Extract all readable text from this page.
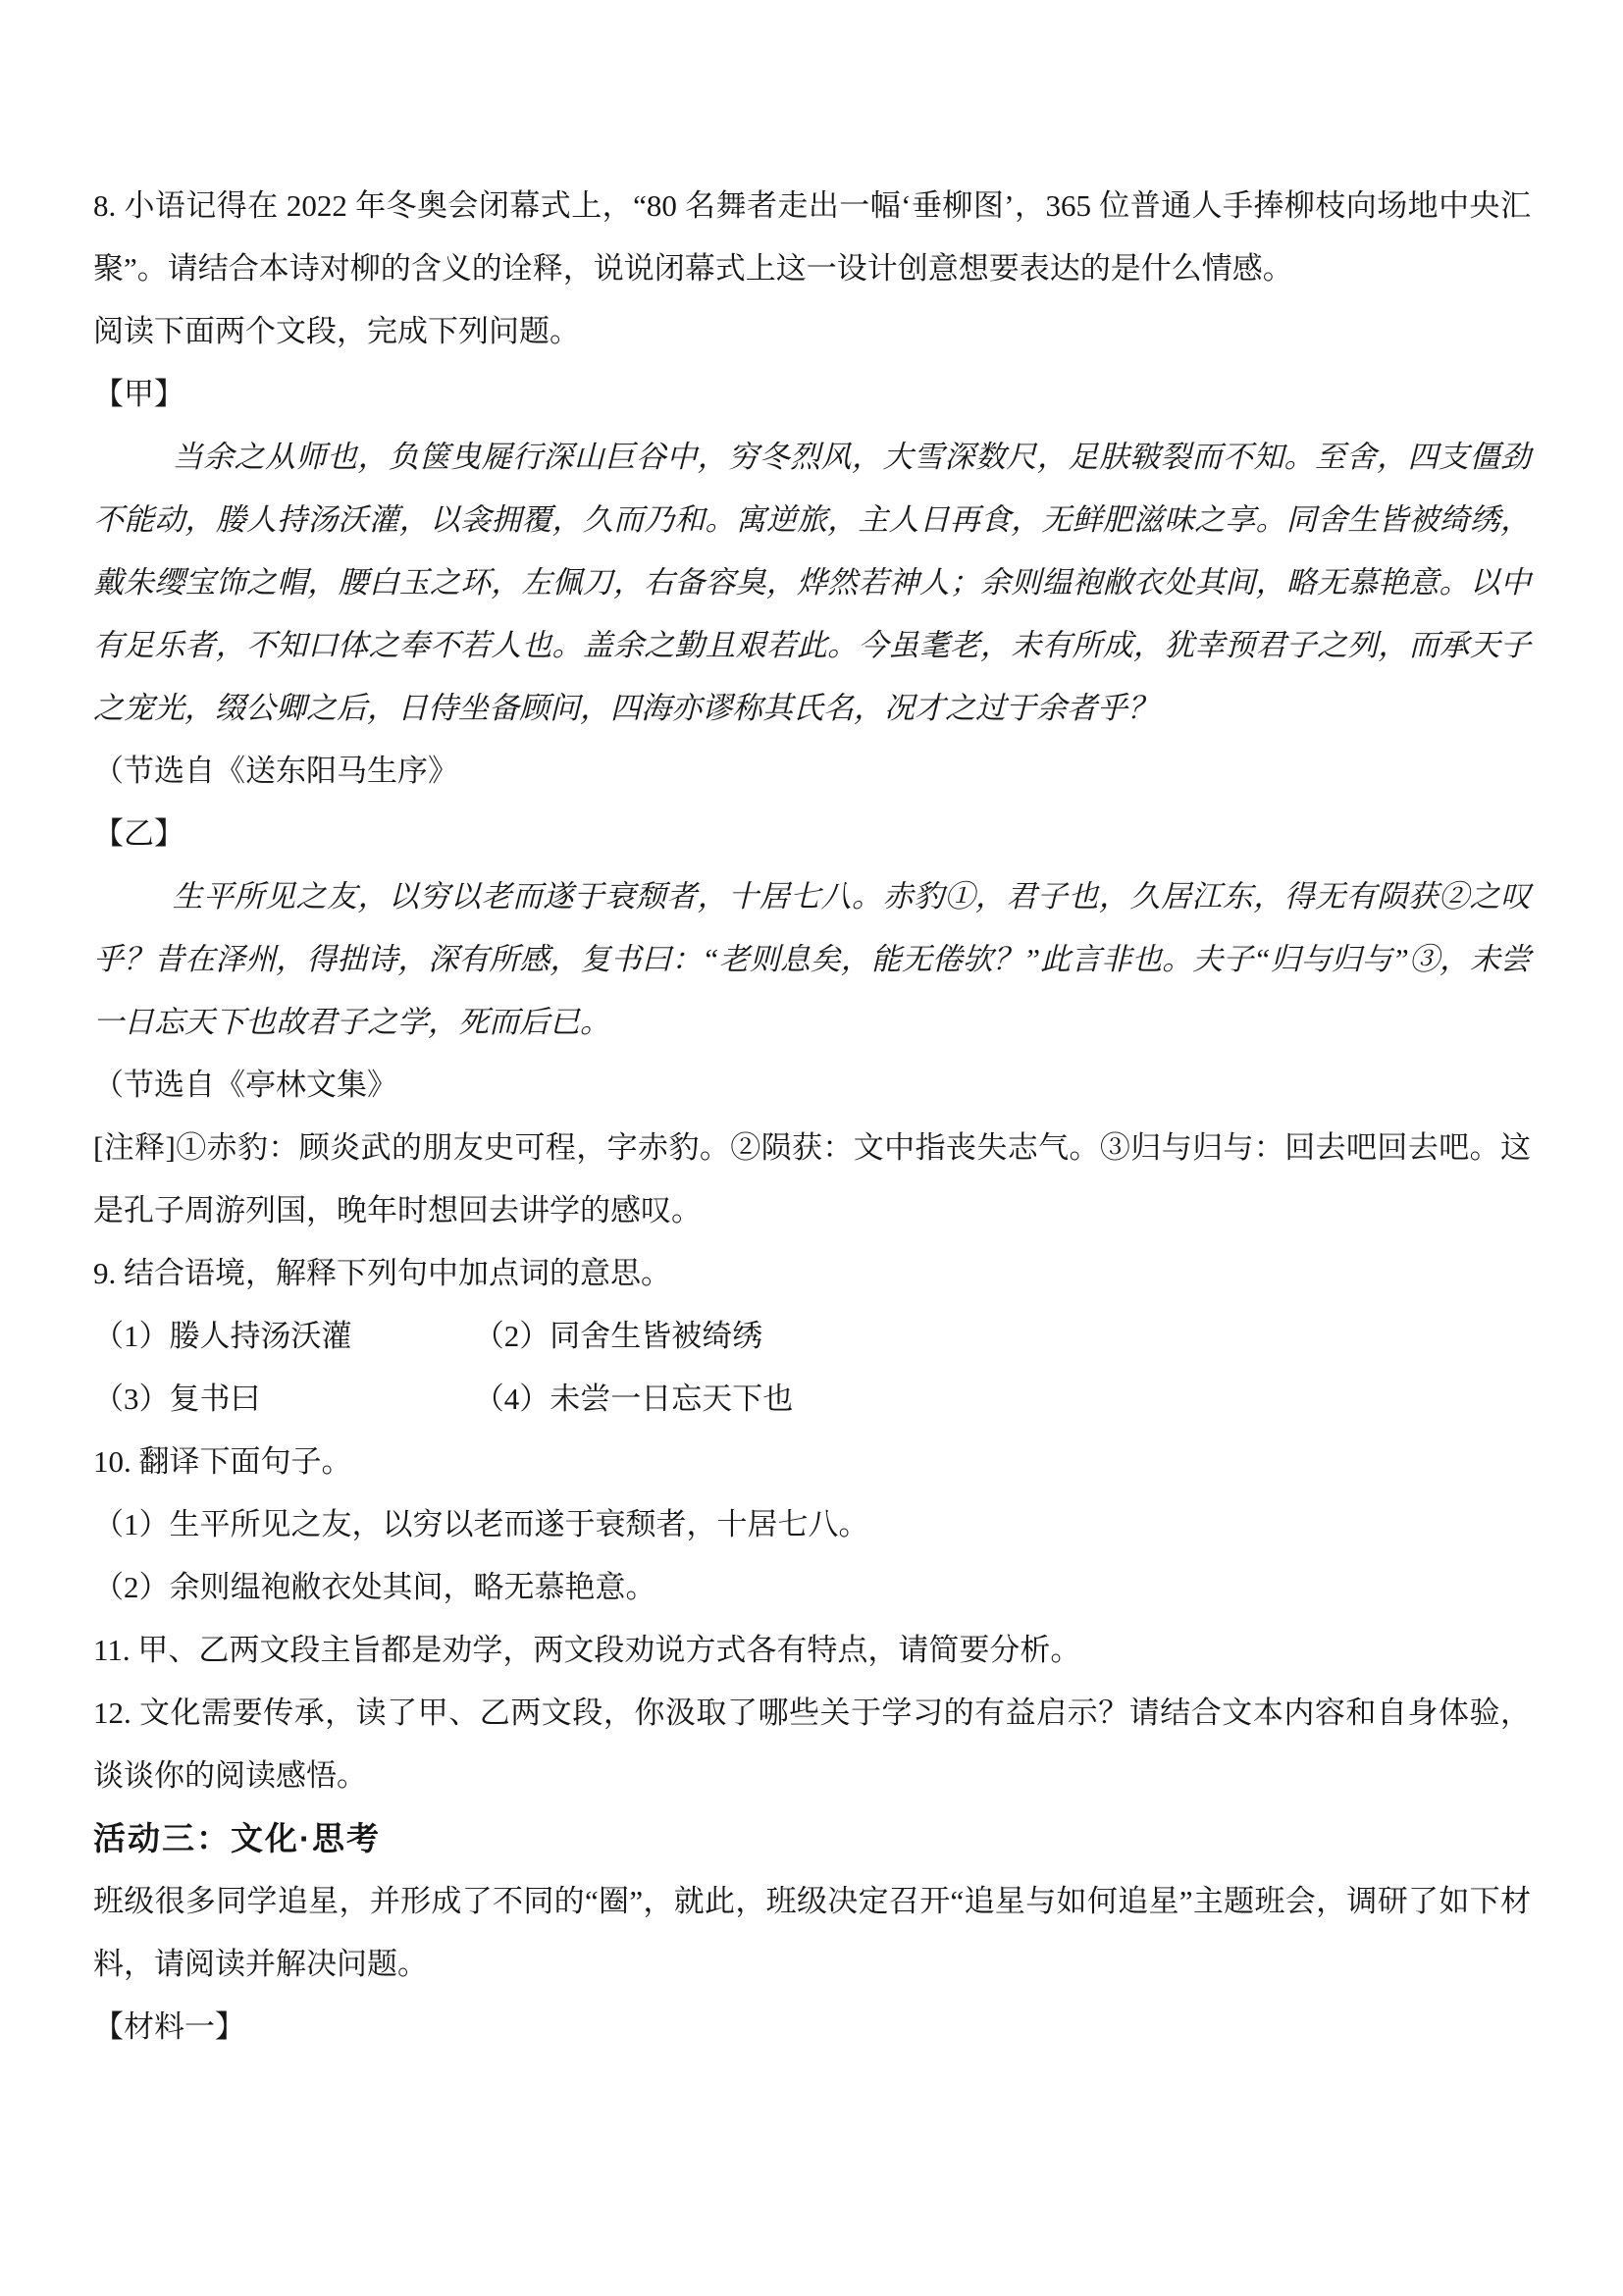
8. 小语记得在 2022 年冬奥会闭幕式上，“80 名舞者走出一幅‘垂柳图’，365 位普通人手捧柳枝向场地中央汇聚”。请结合本诗对柳的含义的诠释，说说闭幕式上这一设计创意想要表达的是什么情感。

阅读下面两个文段，完成下列问题。

【甲】

当余之从师也，负箧曳屣行深山巨谷中，穷冬烈风，大雪深数尺，足肤皲裂而不知。至舍，四支僵劲不能动，媵人持汤沃灌，以衾拥覆，久而乃和。寓逆旅，主人日再食，无鲜肥滋味之享。同舍生皆被绮绣，戴朱缨宝饰之帽，腰白玉之环，左佩刀，右备容臭，烨然若神人；余则缊袍敝衣处其间，略无慕艳意。以中有足乐者，不知口体之奉不若人也。盖余之勤且艰若此。今虽耄老，未有所成，犹幸预君子之列，而承天子之宠光，缀公卿之后，日侍坐备顾问，四海亦谬称其氏名，况才之过于余者乎？

（节选自《送东阳马生序》

【乙】

生平所见之友，以穷以老而遂于衰颓者，十居七八。赤豹①，君子也，久居江东，得无有陨获②之叹乎？昔在泽州，得拙诗，深有所感，复书曰：“老则息矣，能无倦欤？”此言非也。夫子“归与归与”③，未尝一日忘天下也故君子之学，死而后已。

（节选自《亭林文集》

[注释]①赤豹：顾炎武的朋友史可程，字赤豹。②陨获：文中指丧失志气。③归与归与：回去吧回去吧。这是孔子周游列国，晚年时想回去讲学的感叹。

9. 结合语境，解释下列句中加点词的意思。

（1）媵人持汤沃灌	（2）同舍生皆被绮绣

（3）复书曰	（4）未尝一日忘天下也

10. 翻译下面句子。

（1）生平所见之友，以穷以老而遂于衰颓者，十居七八。

（2）余则缊袍敝衣处其间，略无慕艳意。

11. 甲、乙两文段主旨都是劝学，两文段劝说方式各有特点，请简要分析。

12. 文化需要传承，读了甲、乙两文段，你汲取了哪些关于学习的有益启示？请结合文本内容和自身体验，谈谈你的阅读感悟。

活动三：文化·思考

班级很多同学追星，并形成了不同的“圈”，就此，班级决定召开“追星与如何追星”主题班会，调研了如下材料，请阅读并解决问题。

【材料一】
